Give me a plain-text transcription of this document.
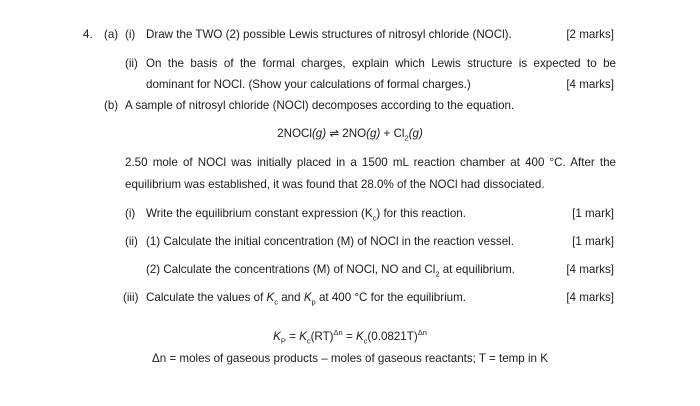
4. (a) (i) Draw the TWO (2) possible Lewis structures of nitrosyl chloride (NOCl).	[2 marks]
(ii) On the basis of the formal charges, explain which Lewis structure is expected to be
dominant for NOCl. (Show your calculations of formal charges.)	[4 marks]
(b) A sample of nitrosyl chloride (NOCl) decomposes according to the equation.
2NOCl(g) ⇌ $2NO(g) + Cl_2(g)$
2.50 mole of NOCl was initially placed in a 1500 mL reaction chamber at 400 °C. After the
equilibrium was established, it was found that 28.0% of the NOCl had dissociated.
(i) Write the equilibrium constant expression $(K_c)$ for this reaction.	[1 mark]
(ii) (1) Calculate the initial concentration (M) of NOCl in the reaction vessel.	[1 mark]
(2) Calculate the concentrations (M) of NOCl, NO and $Cl_2$ at equilibrium.	[4 marks]
(iii) Calculate the values of $K_c$ and $K_p$ at 400 °C for the equilibrium.	[4 marks]
$K_P = K_c(RT)^{\Delta n} = K_c(0.0821T)^{\Delta n}$
Δn = moles of gaseous products – moles of gaseous reactants; T = temp in K
